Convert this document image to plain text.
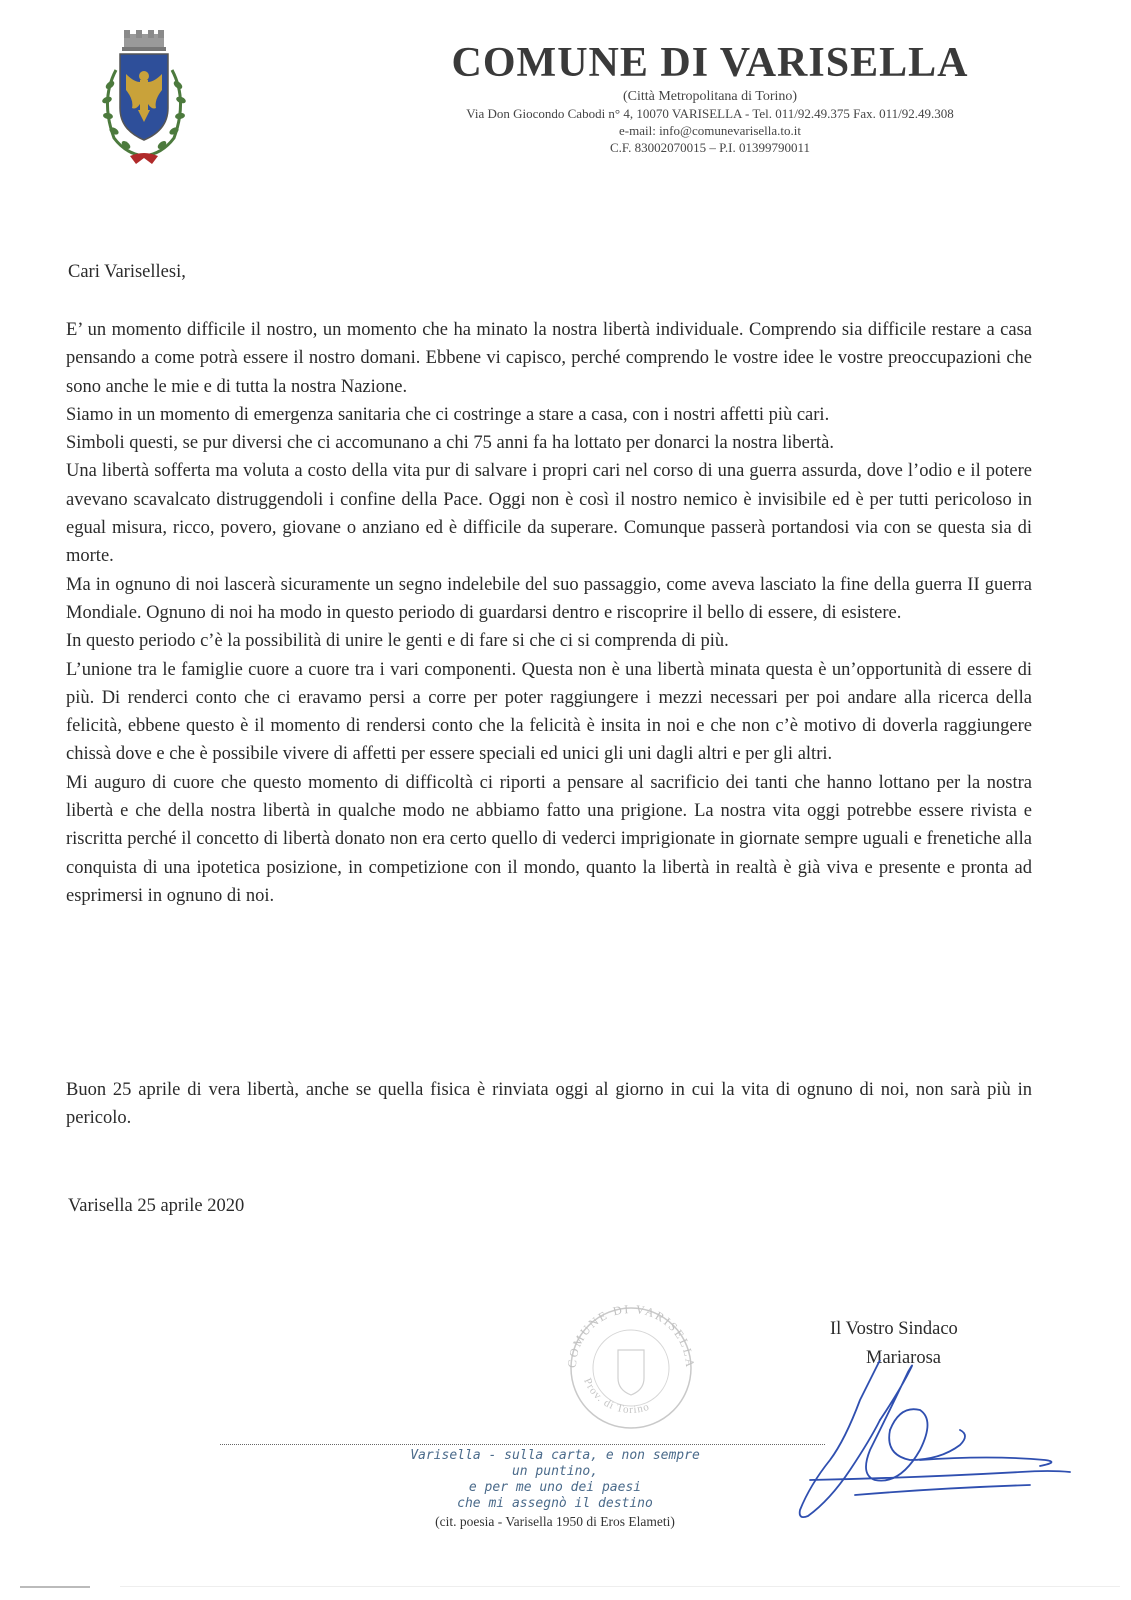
COMUNE DI VARISELLA
(Città Metropolitana di Torino)
Via Don Giocondo Cabodi n° 4, 10070 VARISELLA - Tel. 011/92.49.375 Fax. 011/92.49.308
e-mail: info@comunevarisella.to.it
C.F. 83002070015 – P.I. 01399790011
Cari Varisellesi,

E’ un momento difficile il nostro, un momento che ha minato la nostra libertà individuale. Comprendo sia difficile restare a casa pensando a come potrà essere il nostro domani. Ebbene vi capisco, perché comprendo le vostre idee le vostre preoccupazioni che sono anche le mie e di tutta la nostra Nazione.

Siamo in un momento di emergenza sanitaria che ci costringe a stare a casa, con i nostri affetti più cari.

Simboli questi, se pur diversi che ci accomunano a chi 75 anni fa ha lottato per donarci la nostra libertà.

Una libertà sofferta ma voluta a costo della vita pur di salvare i propri cari nel corso di una guerra assurda, dove l’odio e il potere avevano scavalcato distruggendoli i confine della Pace. Oggi non è così il nostro nemico è invisibile ed è per tutti pericoloso in egual misura, ricco, povero, giovane o anziano ed è difficile da superare. Comunque passerà portandosi via con se questa sia di morte.

Ma in ognuno di noi lascerà sicuramente un segno indelebile del suo passaggio, come aveva lasciato la fine della guerra II guerra Mondiale. Ognuno di noi ha modo in questo periodo di guardarsi dentro e riscoprire il bello di essere, di esistere.

In questo periodo c’è la possibilità di unire le genti e di fare si che ci si comprenda di più.

L’unione tra le famiglie cuore a cuore tra i vari componenti. Questa non è una libertà minata questa è un’opportunità di essere di più. Di renderci conto che ci eravamo persi a corre per poter raggiungere i mezzi necessari per poi andare alla ricerca della felicità, ebbene questo è il momento di rendersi conto che la felicità è insita in noi e che non c’è motivo di doverla raggiungere chissà dove e che è possibile vivere di affetti per essere speciali ed unici gli uni dagli altri e per gli altri.

Mi auguro di cuore che questo momento di difficoltà ci riporti a pensare al sacrificio dei tanti che hanno lottano per la nostra libertà e che della nostra libertà in qualche modo ne abbiamo fatto una prigione. La nostra vita oggi potrebbe essere rivista e riscritta perché il concetto di libertà donato non era certo quello di vederci imprigionate in giornate sempre uguali e frenetiche alla conquista di una ipotetica posizione, in competizione con il mondo, quanto la libertà in realtà è già viva e presente e pronta ad esprimersi in ognuno di noi.

Buon 25 aprile di vera libertà, anche se quella fisica è rinviata oggi al giorno in cui la vita di ognuno di noi, non sarà più in pericolo.

Varisella 25 aprile 2020
COMUNE DI VARISELLA
Prov. di Torino
Il Vostro Sindaco
Mariarosa
Varisella - sulla carta, e non sempre
un puntino,
e per me uno dei paesi
che mi assegnò il destino
(cit. poesia - Varisella 1950 di Eros Elameti)
